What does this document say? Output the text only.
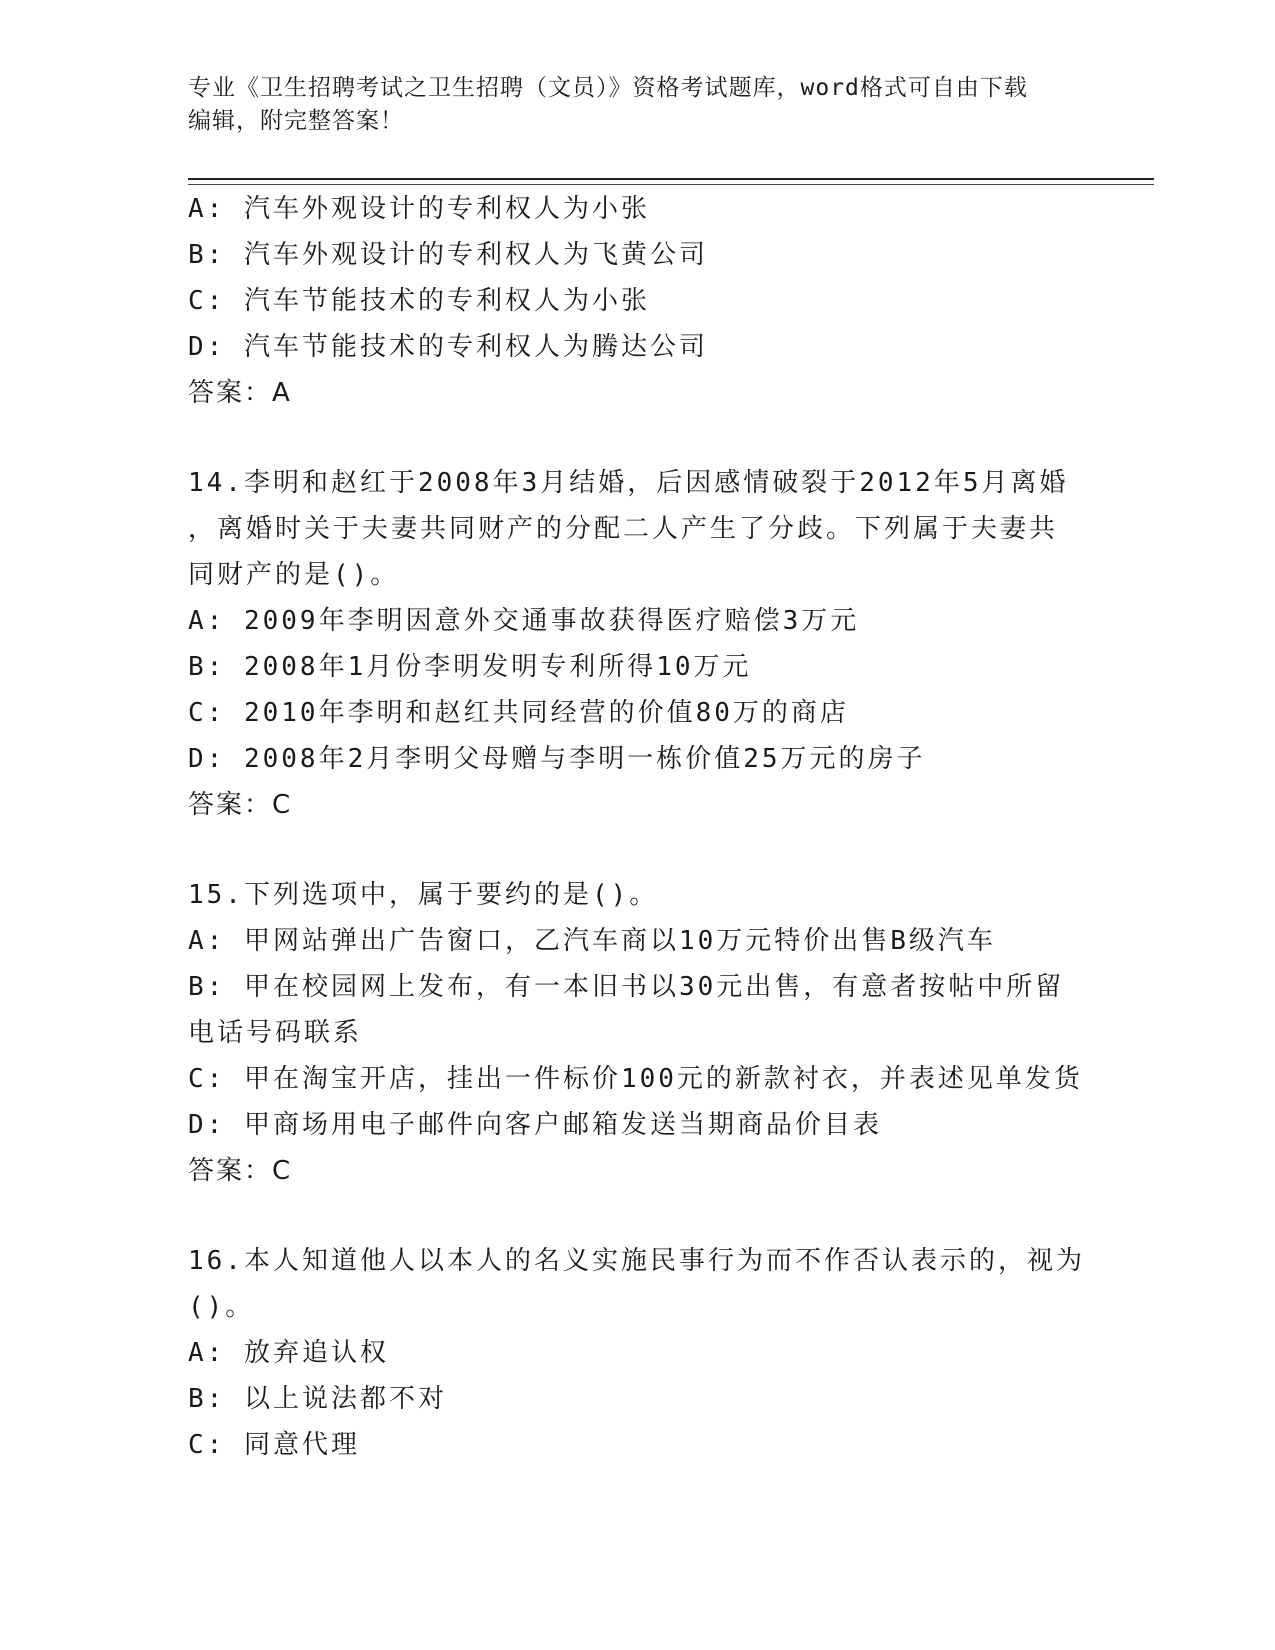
专业《卫生招聘考试之卫生招聘（文员）》资格考试题库，word格式可自由下载
编辑，附完整答案！
A: 汽车外观设计的专利权人为小张
B: 汽车外观设计的专利权人为飞黄公司
C: 汽车节能技术的专利权人为小张
D: 汽车节能技术的专利权人为腾达公司
答案：A
14.李明和赵红于2008年3月结婚，后因感情破裂于2012年5月离婚
，离婚时关于夫妻共同财产的分配二人产生了分歧。下列属于夫妻共
同财产的是()。
A: 2009年李明因意外交通事故获得医疗赔偿3万元
B: 2008年1月份李明发明专利所得10万元
C: 2010年李明和赵红共同经营的价值80万的商店
D: 2008年2月李明父母赠与李明一栋价值25万元的房子
答案：C
15.下列选项中，属于要约的是()。
A: 甲网站弹出广告窗口，乙汽车商以10万元特价出售B级汽车
B: 甲在校园网上发布，有一本旧书以30元出售，有意者按帖中所留
电话号码联系
C: 甲在淘宝开店，挂出一件标价100元的新款衬衣，并表述见单发货
D: 甲商场用电子邮件向客户邮箱发送当期商品价目表
答案：C
16.本人知道他人以本人的名义实施民事行为而不作否认表示的，视为
()。
A: 放弃追认权
B: 以上说法都不对
C: 同意代理
